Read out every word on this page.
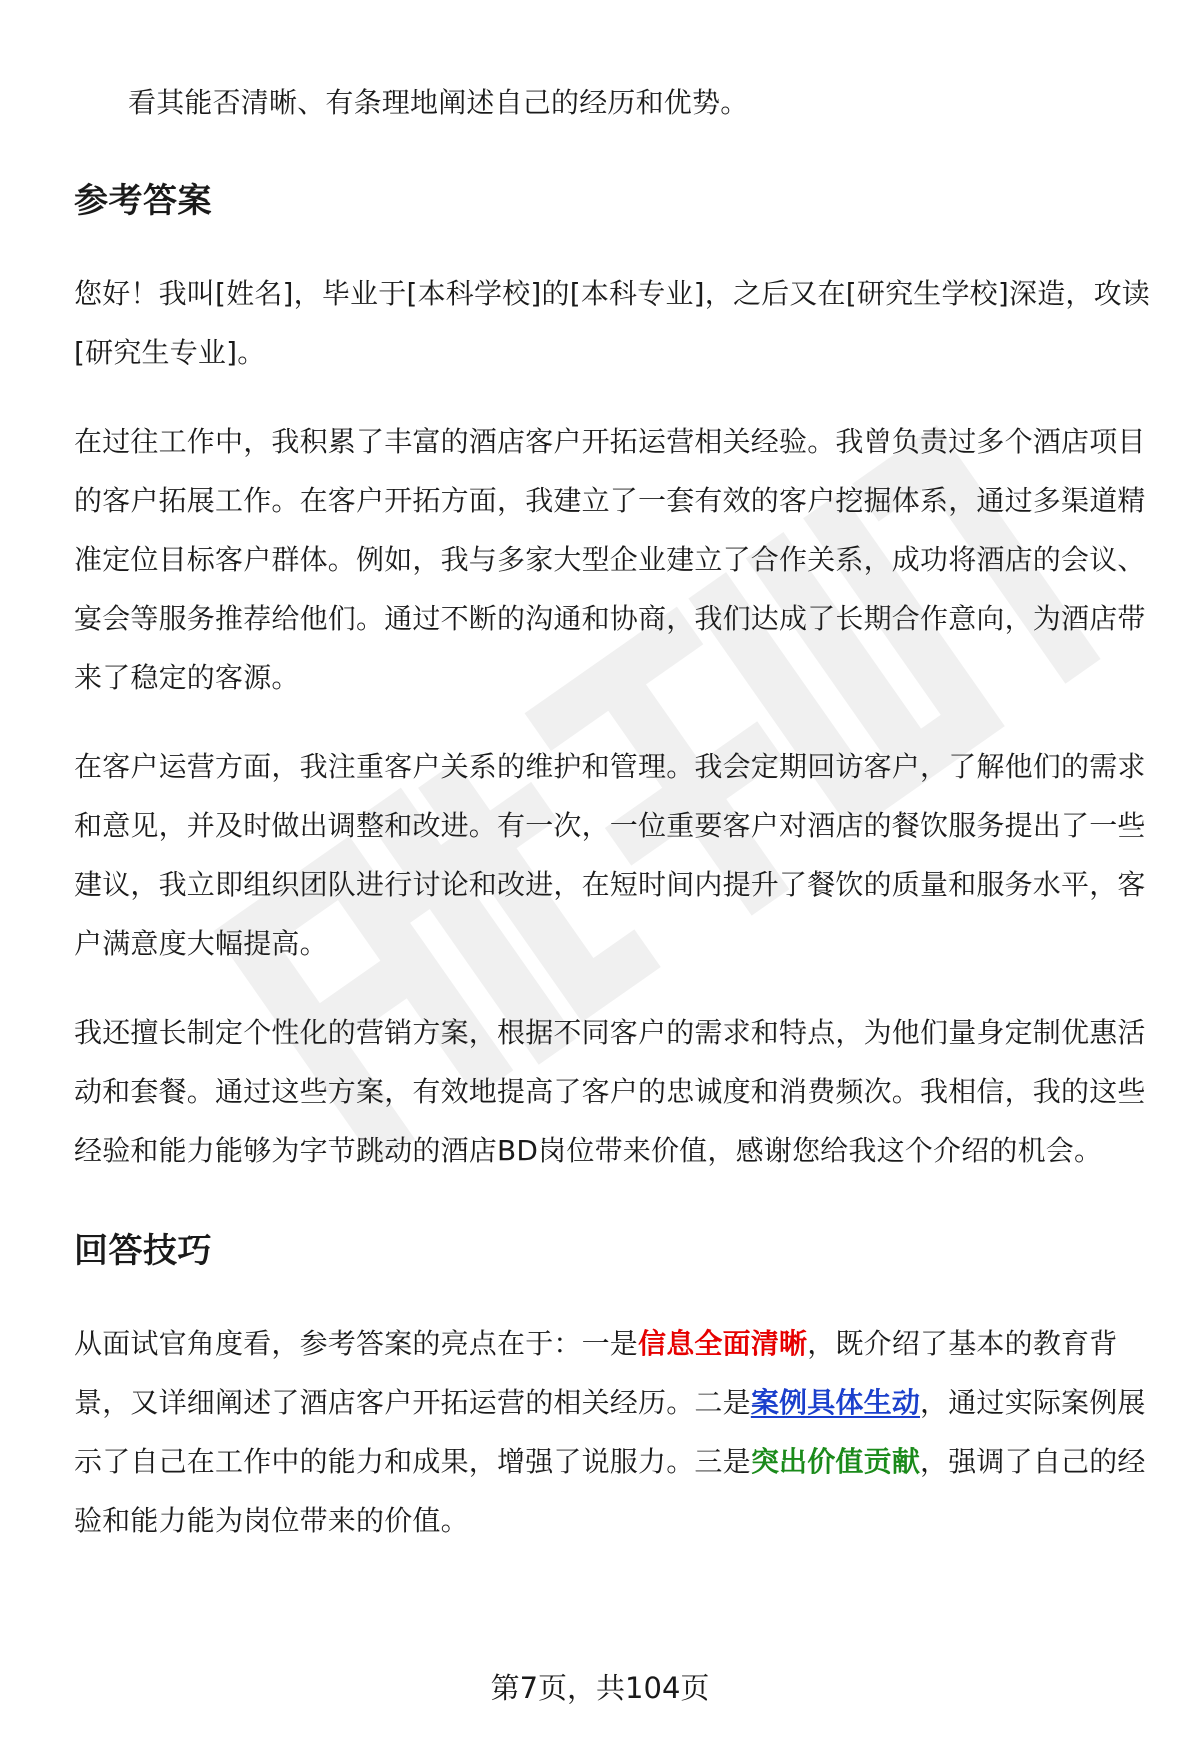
看其能否清晰、有条理地阐述自己的经历和优势。

参考答案

您好！我叫[姓名]，毕业于[本科学校]的[本科专业]，之后又在[研究生学校]深造，攻读[研究生专业]。

在过往工作中，我积累了丰富的酒店客户开拓运营相关经验。我曾负责过多个酒店项目的客户拓展工作。在客户开拓方面，我建立了一套有效的客户挖掘体系，通过多渠道精准定位目标客户群体。例如，我与多家大型企业建立了合作关系，成功将酒店的会议、宴会等服务推荐给他们。通过不断的沟通和协商，我们达成了长期合作意向，为酒店带来了稳定的客源。

在客户运营方面，我注重客户关系的维护和管理。我会定期回访客户，了解他们的需求和意见，并及时做出调整和改进。有一次，一位重要客户对酒店的餐饮服务提出了一些建议，我立即组织团队进行讨论和改进，在短时间内提升了餐饮的质量和服务水平，客户满意度大幅提高。

我还擅长制定个性化的营销方案，根据不同客户的需求和特点，为他们量身定制优惠活动和套餐。通过这些方案，有效地提高了客户的忠诚度和消费频次。我相信，我的这些经验和能力能够为字节跳动的酒店BD岗位带来价值，感谢您给我这个介绍的机会。

回答技巧

从面试官角度看，参考答案的亮点在于：一是信息全面清晰，既介绍了基本的教育背景，又详细阐述了酒店客户开拓运营的相关经历。二是案例具体生动，通过实际案例展示了自己在工作中的能力和成果，增强了说服力。三是突出价值贡献，强调了自己的经验和能力能为岗位带来的价值。

第7页，共104页
